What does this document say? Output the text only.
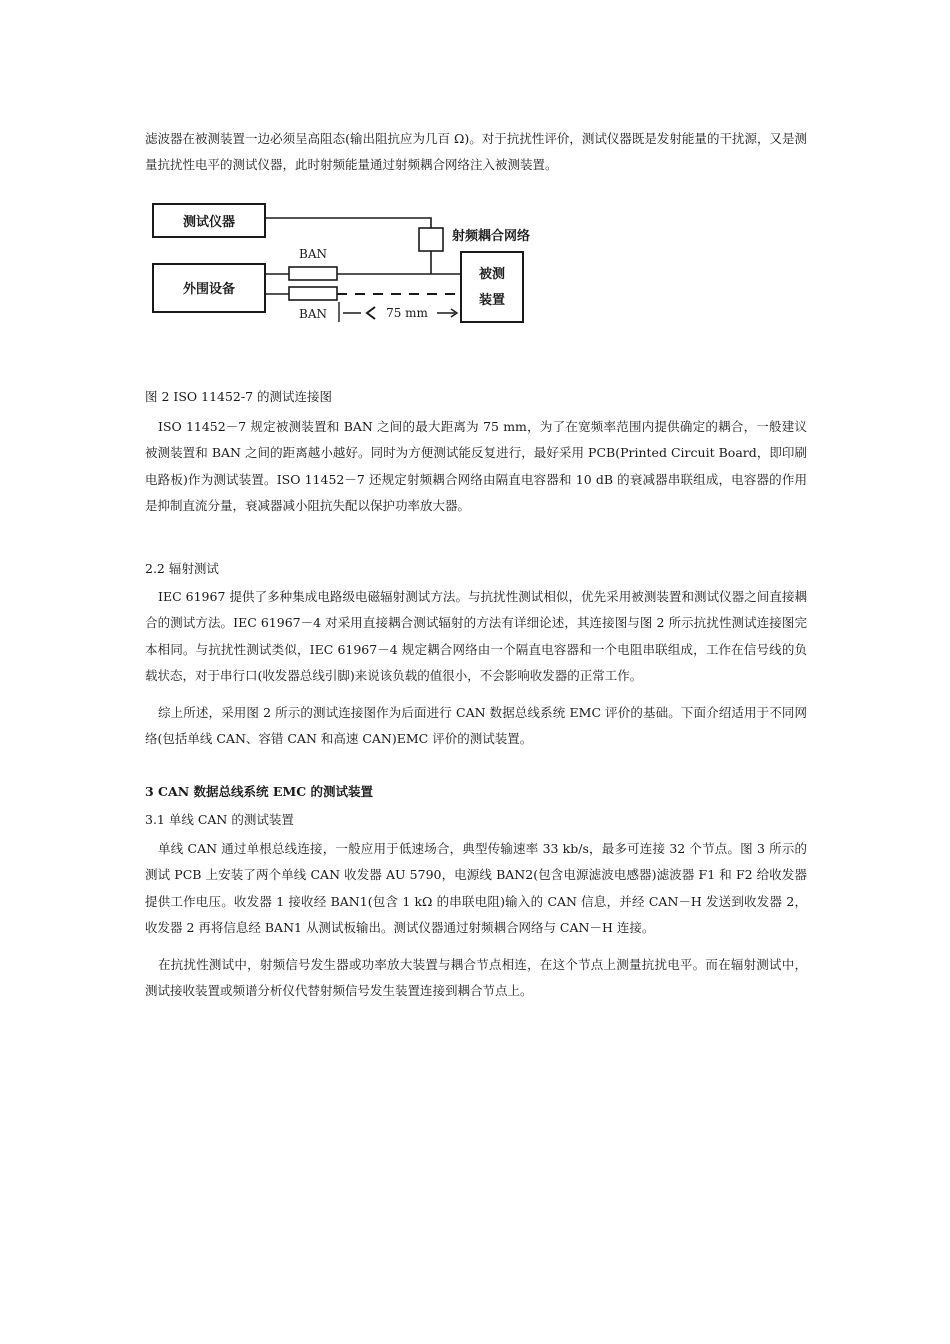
滤波器在被测装置一边必须呈高阻态(输出阻抗应为几百 Ω)。对于抗扰性评价，测试仪器既是发射能量的干扰源，又是测量抗扰性电平的测试仪器，此时射频能量通过射频耦合网络注入被测装置。

测试仪器
射频耦合网络
外围设备
BAN
BAN
被测
装置
75 mm

图 2 ISO 11452-7 的测试连接图

ISO 11452－7 规定被测装置和 BAN 之间的最大距离为 75 mm，为了在宽频率范围内提供确定的耦合，一般建议被测装置和 BAN 之间的距离越小越好。同时为方便测试能反复进行，最好采用 PCB(Printed Circuit Board，即印刷电路板)作为测试装置。ISO 11452－7 还规定射频耦合网络由隔直电容器和 10 dB 的衰减器串联组成，电容器的作用是抑制直流分量，衰减器减小阻抗失配以保护功率放大器。

2.2 辐射测试

IEC 61967 提供了多种集成电路级电磁辐射测试方法。与抗扰性测试相似，优先采用被测装置和测试仪器之间直接耦合的测试方法。IEC 61967－4 对采用直接耦合测试辐射的方法有详细论述，其连接图与图 2 所示抗扰性测试连接图完本相同。与抗扰性测试类似，IEC 61967－4 规定耦合网络由一个隔直电容器和一个电阻串联组成，工作在信号线的负载状态，对于串行口(收发器总线引脚)来说该负载的值很小，不会影响收发器的正常工作。

综上所述，采用图 2 所示的测试连接图作为后面进行 CAN 数据总线系统 EMC 评价的基础。下面介绍适用于不同网络(包括单线 CAN、容错 CAN 和高速 CAN)EMC 评价的测试装置。

3 CAN 数据总线系统 EMC 的测试装置

3.1 单线 CAN 的测试装置

单线 CAN 通过单根总线连接，一般应用于低速场合，典型传输速率 33 kb/s，最多可连接 32 个节点。图 3 所示的测试 PCB 上安装了两个单线 CAN 收发器 AU 5790，电源线 BAN2(包含电源滤波电感器)滤波器 F1 和 F2 给收发器提供工作电压。收发器 1 接收经 BAN1(包含 1 kΩ 的串联电阻)输入的 CAN 信息，并经 CAN－H 发送到收发器 2，收发器 2 再将信息经 BAN1 从测试板输出。测试仪器通过射频耦合网络与 CAN－H 连接。

在抗扰性测试中，射频信号发生器或功率放大装置与耦合节点相连，在这个节点上测量抗扰电平。而在辐射测试中，测试接收装置或频谱分析仪代替射频信号发生装置连接到耦合节点上。
